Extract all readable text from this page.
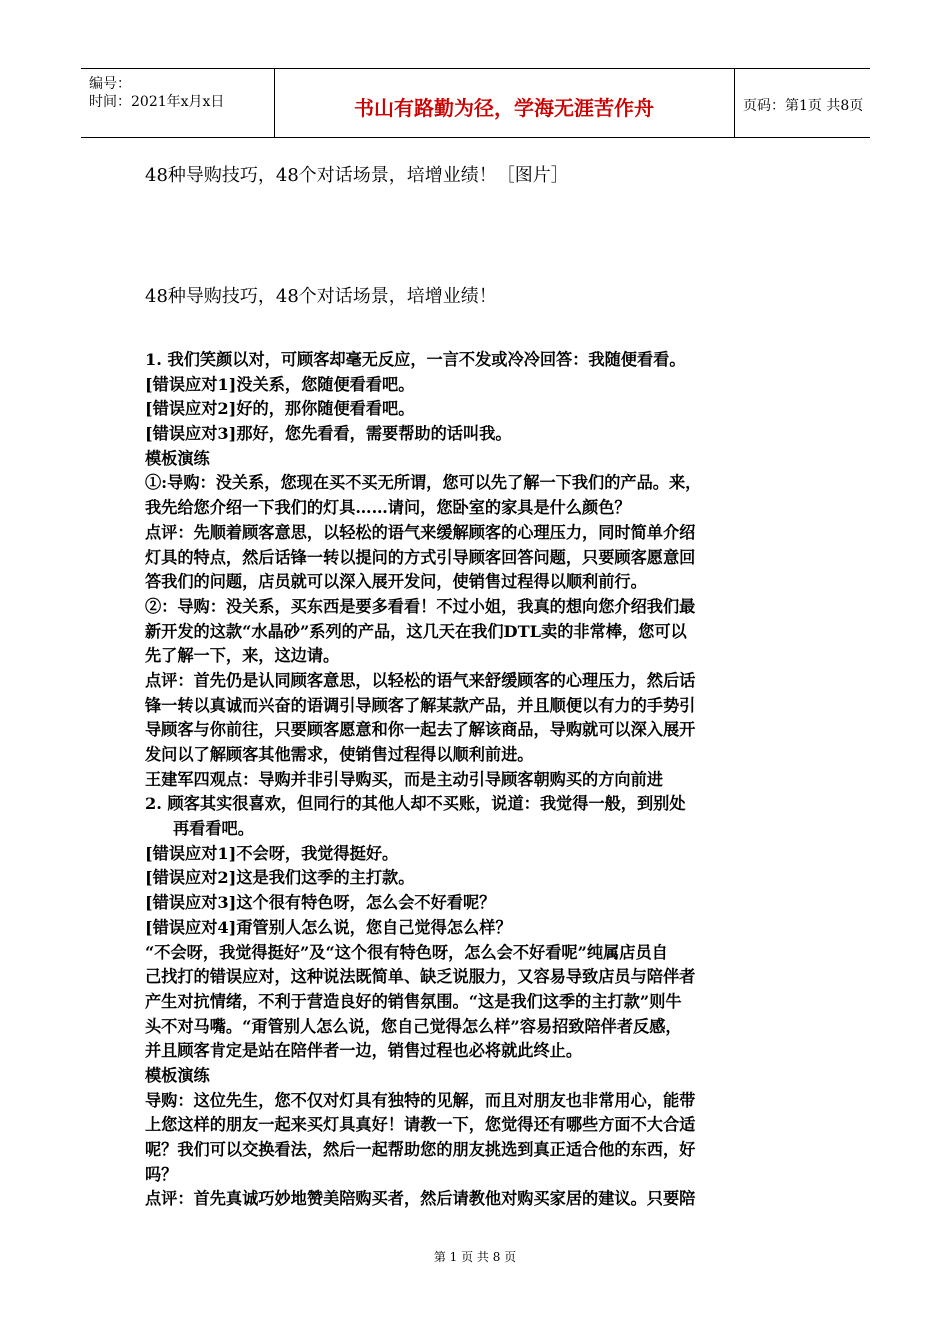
编号：
时间：2021年x月x日	书山有路勤为径，学海无涯苦作舟	页码：第1页 共8页
48种导购技巧，48个对话场景，培增业绩！［图片］
48种导购技巧，48个对话场景，培增业绩！
1. 我们笑颜以对，可顾客却毫无反应，一言不发或冷冷回答：我随便看看。
[错误应对1]没关系，您随便看看吧。
[错误应对2]好的，那你随便看看吧。
[错误应对3]那好，您先看看，需要帮助的话叫我。
模板演练
①:导购：没关系，您现在买不买无所谓，您可以先了解一下我们的产品。来，
我先给您介绍一下我们的灯具……请问，您卧室的家具是什么颜色？
点评：先顺着顾客意思，以轻松的语气来缓解顾客的心理压力，同时简单介绍
灯具的特点，然后话锋一转以提问的方式引导顾客回答问题，只要顾客愿意回
答我们的问题，店员就可以深入展开发问，使销售过程得以顺利前行。
②：导购：没关系，买东西是要多看看！不过小姐，我真的想向您介绍我们最
新开发的这款“水晶砂”系列的产品，这几天在我们DTL卖的非常棒，您可以
先了解一下，来，这边请。
点评：首先仍是认同顾客意思，以轻松的语气来舒缓顾客的心理压力，然后话
锋一转以真诚而兴奋的语调引导顾客了解某款产品，并且顺便以有力的手势引
导顾客与你前往，只要顾客愿意和你一起去了解该商品，导购就可以深入展开
发问以了解顾客其他需求，使销售过程得以顺利前进。
王建军四观点：导购并非引导购买，而是主动引导顾客朝购买的方向前进
2. 顾客其实很喜欢，但同行的其他人却不买账，说道：我觉得一般，到别处
再看看吧。
[错误应对1]不会呀，我觉得挺好。
[错误应对2]这是我们这季的主打款。
[错误应对3]这个很有特色呀，怎么会不好看呢？
[错误应对4]甭管别人怎么说，您自己觉得怎么样？
“不会呀，我觉得挺好”及“这个很有特色呀，怎么会不好看呢”纯属店员自
己找打的错误应对，这种说法既简单、缺乏说服力，又容易导致店员与陪伴者
产生对抗情绪，不利于营造良好的销售氛围。“这是我们这季的主打款”则牛
头不对马嘴。“甭管别人怎么说，您自己觉得怎么样”容易招致陪伴者反感，
并且顾客肯定是站在陪伴者一边，销售过程也必将就此终止。
模板演练
导购：这位先生，您不仅对灯具有独特的见解，而且对朋友也非常用心，能带
上您这样的朋友一起来买灯具真好！请教一下，您觉得还有哪些方面不大合适
呢？我们可以交换看法，然后一起帮助您的朋友挑选到真正适合他的东西，好
吗？
点评：首先真诚巧妙地赞美陪购买者，然后请教他对购买家居的建议。只要陪
第 1 页 共 8 页
